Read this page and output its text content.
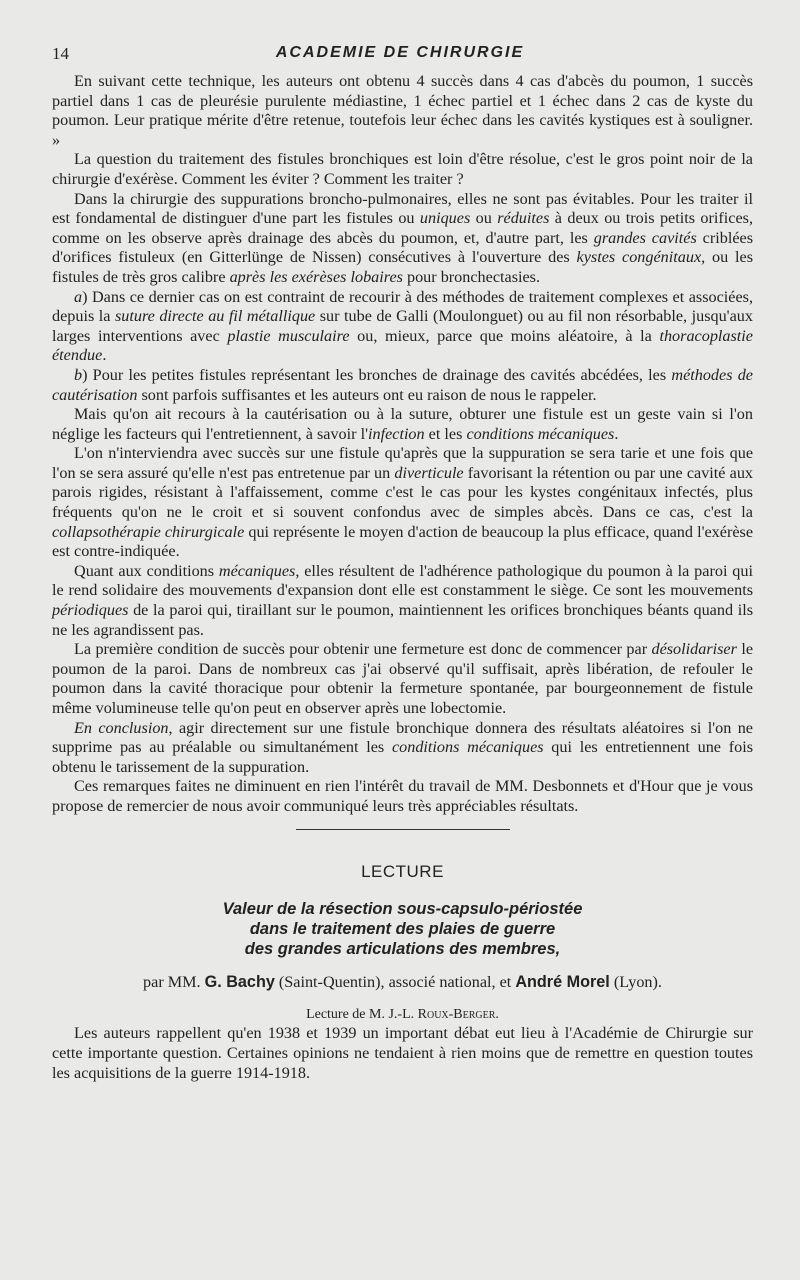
14	ACADEMIE DE CHIRURGIE

En suivant cette technique, les auteurs ont obtenu 4 succès dans 4 cas d'abcès du poumon, 1 succès partiel dans 1 cas de pleurésie purulente médiastine, 1 échec partiel et 1 échec dans 2 cas de kyste du poumon. Leur pratique mérite d'être retenue, toutefois leur échec dans les cavités kystiques est à souligner. »

La question du traitement des fistules bronchiques est loin d'être résolue, c'est le gros point noir de la chirurgie d'exérèse. Comment les éviter ? Comment les traiter ?

Dans la chirurgie des suppurations broncho-pulmonaires, elles ne sont pas évitables. Pour les traiter il est fondamental de distinguer d'une part les fistules ou uniques ou réduites à deux ou trois petits orifices, comme on les observe après drainage des abcès du poumon, et, d'autre part, les grandes cavités criblées d'orifices fistuleux (en Gitterlünge de Nissen) consécutives à l'ouverture des kystes congénitaux, ou les fistules de très gros calibre après les exérèses lobaires pour bronchectasies.

a) Dans ce dernier cas on est contraint de recourir à des méthodes de traitement complexes et associées, depuis la suture directe au fil métallique sur tube de Galli (Moulonguet) ou au fil non résorbable, jusqu'aux larges interventions avec plastie musculaire ou, mieux, parce que moins aléatoire, à la thoracoplastie étendue.

b) Pour les petites fistules représentant les bronches de drainage des cavités abcédées, les méthodes de cautérisation sont parfois suffisantes et les auteurs ont eu raison de nous le rappeler.

Mais qu'on ait recours à la cautérisation ou à la suture, obturer une fistule est un geste vain si l'on néglige les facteurs qui l'entretiennent, à savoir l'infection et les conditions mécaniques.

L'on n'interviendra avec succès sur une fistule qu'après que la suppuration se sera tarie et une fois que l'on se sera assuré qu'elle n'est pas entretenue par un diverticule favorisant la rétention ou par une cavité aux parois rigides, résistant à l'affaissement, comme c'est le cas pour les kystes congénitaux infectés, plus fréquents qu'on ne le croit et si souvent confondus avec de simples abcès. Dans ce cas, c'est la collapsothérapie chirurgicale qui représente le moyen d'action de beaucoup la plus efficace, quand l'exérèse est contre-indiquée.

Quant aux conditions mécaniques, elles résultent de l'adhérence pathologique du poumon à la paroi qui le rend solidaire des mouvements d'expansion dont elle est constamment le siège. Ce sont les mouvements périodiques de la paroi qui, tiraillant sur le poumon, maintiennent les orifices bronchiques béants quand ils ne les agrandissent pas.

La première condition de succès pour obtenir une fermeture est donc de commencer par désolidariser le poumon de la paroi. Dans de nombreux cas j'ai observé qu'il suffisait, après libération, de refouler le poumon dans la cavité thoracique pour obtenir la fermeture spontanée, par bourgeonnement de fistule même volumineuse telle qu'on peut en observer après une lobectomie.

En conclusion, agir directement sur une fistule bronchique donnera des résultats aléatoires si l'on ne supprime pas au préalable ou simultanément les conditions mécaniques qui les entretiennent une fois obtenu le tarissement de la suppuration.

Ces remarques faites ne diminuent en rien l'intérêt du travail de MM. Desbonnets et d'Hour que je vous propose de remercier de nous avoir communiqué leurs très appréciables résultats.

LECTURE
Valeur de la résection sous-capsulo-périostée
dans le traitement des plaies de guerre
des grandes articulations des membres,
par MM. G. Bachy (Saint-Quentin), associé national, et André Morel (Lyon).
Lecture de M. J.-L. Roux-Berger.

Les auteurs rappellent qu'en 1938 et 1939 un important débat eut lieu à l'Académie de Chirurgie sur cette importante question. Certaines opinions ne tendaient à rien moins que de remettre en question toutes les acquisitions de la guerre 1914-1918.
